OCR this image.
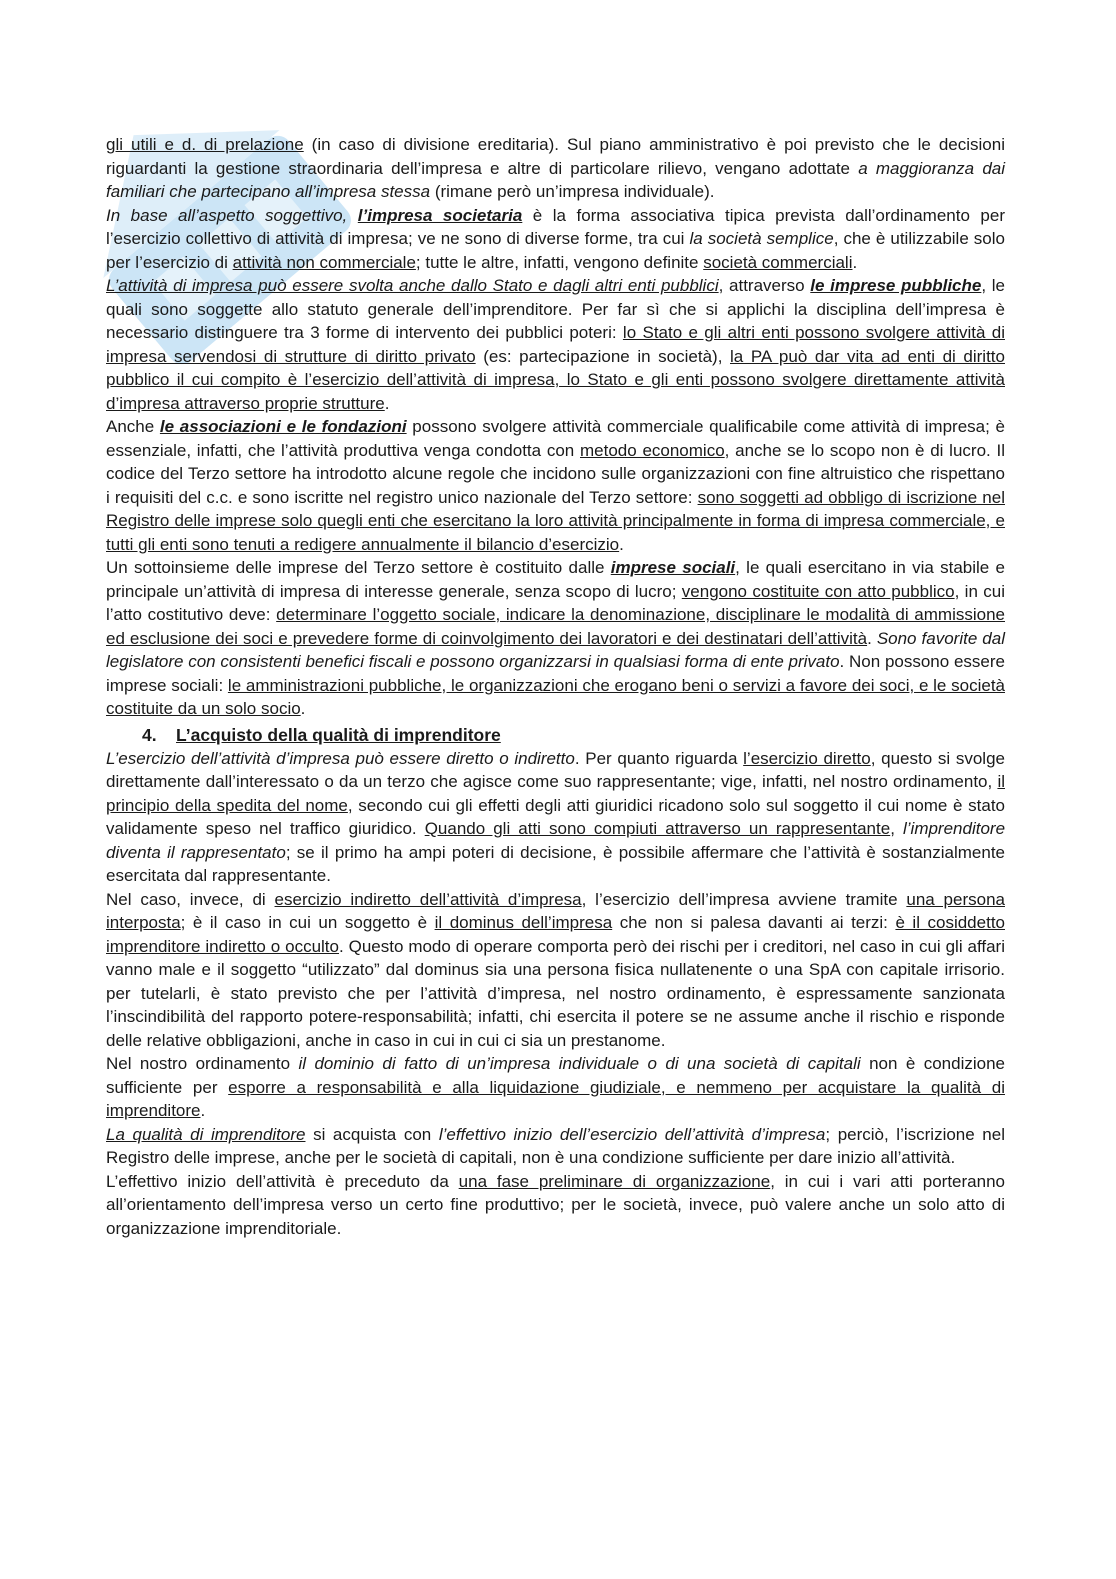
gli utili e d. di prelazione (in caso di divisione ereditaria). Sul piano amministrativo è poi previsto che le decisioni riguardanti la gestione straordinaria dell’impresa e altre di particolare rilievo, vengano adottate a maggioranza dai familiari che partecipano all’impresa stessa (rimane però un’impresa individuale).

In base all’aspetto soggettivo, l’impresa societaria è la forma associativa tipica prevista dall’ordinamento per l’esercizio collettivo di attività di impresa; ve ne sono di diverse forme, tra cui la società semplice, che è utilizzabile solo per l’esercizio di attività non commerciale; tutte le altre, infatti, vengono definite società commerciali.

L’attività di impresa può essere svolta anche dallo Stato e dagli altri enti pubblici, attraverso le imprese pubbliche, le quali sono soggette allo statuto generale dell’imprenditore. Per far sì che si applichi la disciplina dell’impresa è necessario distinguere tra 3 forme di intervento dei pubblici poteri: lo Stato e gli altri enti possono svolgere attività di impresa servendosi di strutture di diritto privato (es: partecipazione in società), la PA può dar vita ad enti di diritto pubblico il cui compito è l’esercizio dell’attività di impresa, lo Stato e gli enti possono svolgere direttamente attività d’impresa attraverso proprie strutture.

Anche le associazioni e le fondazioni possono svolgere attività commerciale qualificabile come attività di impresa; è essenziale, infatti, che l’attività produttiva venga condotta con metodo economico, anche se lo scopo non è di lucro. Il codice del Terzo settore ha introdotto alcune regole che incidono sulle organizzazioni con fine altruistico che rispettano i requisiti del c.c. e sono iscritte nel registro unico nazionale del Terzo settore: sono soggetti ad obbligo di iscrizione nel Registro delle imprese solo quegli enti che esercitano la loro attività principalmente in forma di impresa commerciale, e tutti gli enti sono tenuti a redigere annualmente il bilancio d’esercizio.

Un sottoinsieme delle imprese del Terzo settore è costituito dalle imprese sociali, le quali esercitano in via stabile e principale un’attività di impresa di interesse generale, senza scopo di lucro; vengono costituite con atto pubblico, in cui l’atto costitutivo deve: determinare l’oggetto sociale, indicare la denominazione, disciplinare le modalità di ammissione ed esclusione dei soci e prevedere forme di coinvolgimento dei lavoratori e dei destinatari dell’attività. Sono favorite dal legislatore con consistenti benefici fiscali e possono organizzarsi in qualsiasi forma di ente privato. Non possono essere imprese sociali: le amministrazioni pubbliche, le organizzazioni che erogano beni o servizi a favore dei soci, e le società costituite da un solo socio.

4. L’acquisto della qualità di imprenditore

L’esercizio dell’attività d’impresa può essere diretto o indiretto. Per quanto riguarda l’esercizio diretto, questo si svolge direttamente dall’interessato o da un terzo che agisce come suo rappresentante; vige, infatti, nel nostro ordinamento, il principio della spedita del nome, secondo cui gli effetti degli atti giuridici ricadono solo sul soggetto il cui nome è stato validamente speso nel traffico giuridico. Quando gli atti sono compiuti attraverso un rappresentante, l’imprenditore diventa il rappresentato; se il primo ha ampi poteri di decisione, è possibile affermare che l’attività è sostanzialmente esercitata dal rappresentante.

Nel caso, invece, di esercizio indiretto dell’attività d’impresa, l’esercizio dell’impresa avviene tramite una persona interposta; è il caso in cui un soggetto è il dominus dell’impresa che non si palesa davanti ai terzi: è il cosiddetto imprenditore indiretto o occulto. Questo modo di operare comporta però dei rischi per i creditori, nel caso in cui gli affari vanno male e il soggetto “utilizzato” dal dominus sia una persona fisica nullatenente o una SpA con capitale irrisorio. per tutelarli, è stato previsto che per l’attività d’impresa, nel nostro ordinamento, è espressamente sanzionata l’inscindibilità del rapporto potere-responsabilità; infatti, chi esercita il potere se ne assume anche il rischio e risponde delle relative obbligazioni, anche in caso in cui in cui ci sia un prestanome.

Nel nostro ordinamento il dominio di fatto di un’impresa individuale o di una società di capitali non è condizione sufficiente per esporre a responsabilità e alla liquidazione giudiziale, e nemmeno per acquistare la qualità di imprenditore.

La qualità di imprenditore si acquista con l’effettivo inizio dell’esercizio dell’attività d’impresa; perciò, l’iscrizione nel Registro delle imprese, anche per le società di capitali, non è una condizione sufficiente per dare inizio all’attività.

L’effettivo inizio dell’attività è preceduto da una fase preliminare di organizzazione, in cui i vari atti porteranno all’orientamento dell’impresa verso un certo fine produttivo; per le società, invece, può valere anche un solo atto di organizzazione imprenditoriale.
